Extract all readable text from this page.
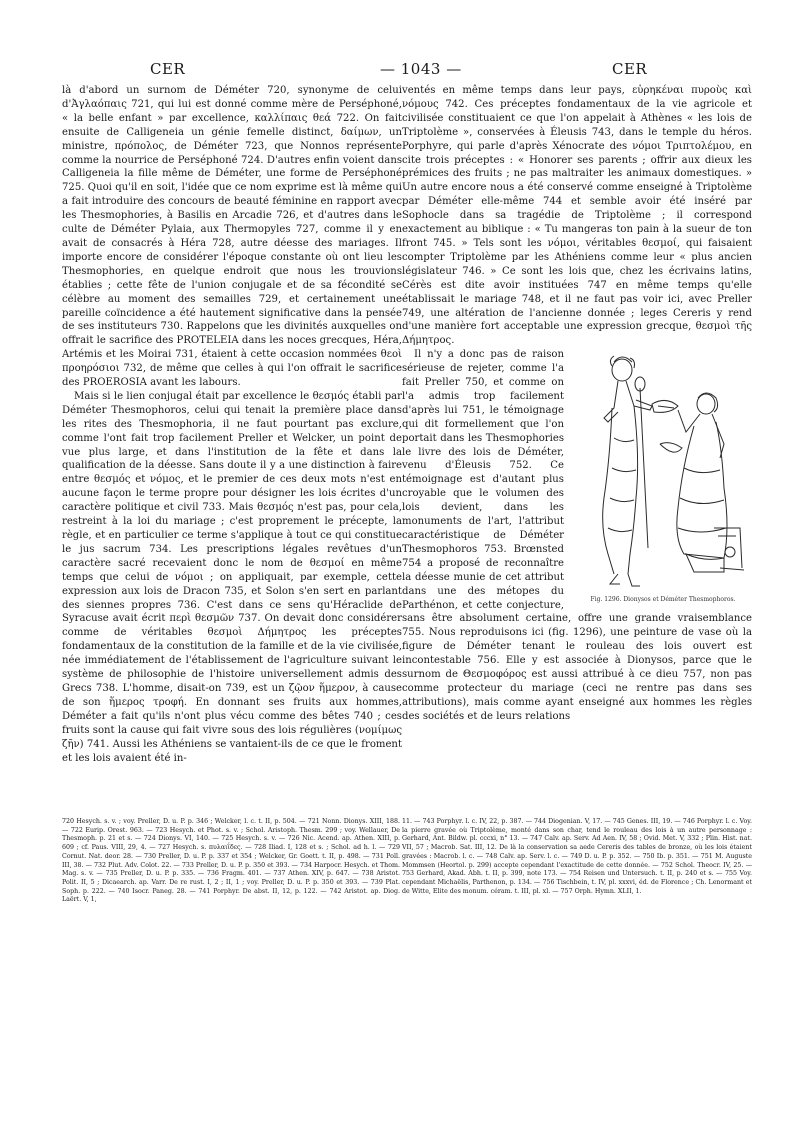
CER	— 1043 —	CER

là d'abord un surnom de Déméter 720, synonyme de celui d'Ἀγλαόπαις 721, qui lui est donné comme mère de Perséphoné, « la belle enfant » par excellence, καλλίπαις θεά 722. On fait ensuite de Calligeneia un génie femelle distinct, δαίμων, un ministre, πρόπολος, de Déméter 723, que Nonnos représente comme la nourrice de Perséphoné 724. D'autres enfin voient dans Calligeneia la fille même de Déméter, une forme de Perséphoné 725. Quoi qu'il en soit, l'idée que ce nom exprime est là même qui a fait introduire des concours de beauté féminine en rapport avec les Thesmophories, à Basilis en Arcadie 726, et d'autres dans le culte de Déméter Pylaia, aux Thermopyles 727, comme il y en avait de consacrés à Héra 728, autre déesse des mariages. Il importe encore de considérer l'époque constante où ont lieu les Thesmophories, en quelque endroit que nous les trouvions établies ; cette fête de l'union conjugale et de sa fécondité se célèbre au moment des semailles 729, et certainement une pareille coïncidence a été hautement significative dans la pensée de ses instituteurs 730. Rappelons que les divinités auxquelles on offrait le sacrifice des PROTELEIA dans les noces grecques, Héra, Artémis et les Moirai 731, étaient à cette occasion nommées θεοὶ προηρόσιοι 732, de même que celles à qui l'on offrait le sacrifice des PROEROSIA avant les labours.

Mais si le lien conjugal était par excellence le θεσμός établi par Déméter Thesmophoros, celui qui tenait la première place dans les rites des Thesmophoria, il ne faut pourtant pas exclure, comme l'ont fait trop facilement Preller et Welcker, un point de vue plus large, et dans l'institution de la fête et dans la qualification de la déesse. Sans doute il y a une distinction à faire entre θεσμός et νόμος, et le premier de ces deux mots n'est en aucune façon le terme propre pour désigner les lois écrites d'un caractère politique et civil 733. Mais θεσμός n'est pas, pour cela, restreint à la loi du mariage ; c'est proprement le précepte, la règle, et en particulier ce terme s'applique à tout ce qui constitue le jus sacrum 734. Les prescriptions légales revêtues d'un caractère sacré recevaient donc le nom de θεσμοί en même temps que celui de νόμοι ; on appliquait, par exemple, cette expression aux lois de Dracon 735, et Solon s'en sert en parlant des siennes propres 736. C'est dans ce sens qu'Héraclide de Syracuse avait écrit περὶ θεσμῶν 737. On devait donc considérer comme de véritables θεσμοὶ Δήμητρος les préceptes fondamentaux de la constitution de la famille et de la vie civilisée, née immédiatement de l'établissement de l'agriculture suivant le système de philosophie de l'histoire universellement admis des Grecs 738. L'homme, disait-on 739, est un ζῷον ἥμερον, à cause de son ἥμερος τροφή. En donnant ses fruits aux hommes, Déméter a fait qu'ils n'ont plus vécu comme des bêtes 740 ; ces fruits sont la cause qui fait vivre sous des lois régulières (νομίμως ζῆν) 741. Aussi les Athéniens se vantaient-ils de ce que le froment et les lois avaient été in-

ventés en même temps dans leur pays, εὑρηκέναι πυροὺς καὶ νόμους 742. Ces préceptes fondamentaux de la vie agricole et civilisée constituaient ce que l'on appelait à Athènes « les lois de Triptolème », conservées à Éleusis 743, dans le temple du héros. Porphyre, qui parle d'après Xénocrate des νόμοι Τριπτολέμου, en cite trois préceptes : « Honorer ses parents ; offrir aux dieux les prémices des fruits ; ne pas maltraiter les animaux domestiques. » Un autre encore nous a été conservé comme enseigné à Triptolème par Déméter elle-même 744 et semble avoir été inséré par Sophocle dans sa tragédie de Triptolème ; il correspond exactement au biblique : « Tu mangeras ton pain à la sueur de ton front 745. » Tels sont les νόμοι, véritables θεσμοί, qui faisaient compter Triptolème par les Athéniens comme leur « plus ancien législateur 746. » Ce sont les lois que, chez les écrivains latins, Cérès est dite avoir instituées 747 en même temps qu'elle établissait le mariage 748, et il ne faut pas voir ici, avec Preller 749, une altération de l'ancienne donnée ; leges Cereris y rend d'une manière fort acceptable une expression grecque, θεσμοὶ τῆς Δήμητρος.

Fig. 1296. Dionysos et Déméter Thesmophoros.

Il n'y a donc pas de raison sérieuse de rejeter, comme l'a fait Preller 750, et comme on l'a admis trop facilement d'après lui 751, le témoignage qui dit formellement que l'on portait dans les Thesmophories le livre des lois de Déméter, venu d'Éleusis 752. Ce témoignage est d'autant plus croyable que le volumen des lois devient, dans les monuments de l'art, l'attribut caractéristique de Déméter Thesmophoros 753. Brœnsted 754 a proposé de reconnaître la déesse munie de cet attribut dans une des métopes du Parthénon, et cette conjecture, sans être absolument certaine, offre une grande vraisemblance 755. Nous reproduisons ici (fig. 1296), une peinture de vase où la figure de Déméter tenant le rouleau des lois ouvert est incontestable 756. Elle y est associée à Dionysos, parce que le surnom de Θεσμοφόρος est aussi attribué à ce dieu 757, non pas comme protecteur du mariage (ceci ne rentre pas dans ses attributions), mais comme ayant enseigné aux hommes les règles des sociétés et de leurs relations

720 Hesych. s. v. ; voy. Preller, D. u. P. p. 346 ; Welcker, l. c. t. II, p. 504. — 721 Nonn. Dionys. XIII, 188. — 722 Eurip. Orest. 963. — 723 Hesych. et Phot. s. v. ; Schol. Aristoph. Thesm. 299 ; voy. Wellauer, De Thesmoph. p. 21 et s. — 724 Dionys. VI, 140. — 725 Hesych. s. v. — 726 Nic. Acend. ap. Athen. XIII, p. 609 ; cf. Paus. VIII, 29, 4. — 727 Hesych. s. πυλαιΐδες. — 728 Iliad. I, 128 et s. ; Schol. ad h. l. — 729 Cornut. Nat. deor. 28. — 730 Preller, D. u. P. p. 337 et 354 ; Welcker, Gr. Goett. t. II, p. 498. — 731 Poll. III, 38. — 732 Plut. Adv. Colot. 22. — 733 Preller, D. u. P. p. 350 et 393. — 734 Harpocr. Hesych. et Thom. Mag. s. v. — 735 Preller, D. u. P. p. 335. — 736 Fragm. 401. — 737 Athen. XIV, p. 647. — 738 Aristot. Polit. II, 5 ; Dicaearch. ap. Varr. De re rust. I, 2 ; II, 1 ; voy. Preller, D. u. P. p. 350 et 393. — 739 Plat. Soph. p. 222. — 740 Isocr. Paneg. 28. — 741 Porphyr. De abst. II, 12, p. 122. — 742 Aristot. ap. Diog. Laërt. V, 1,

11. — 743 Porphyr. l. c. IV, 22, p. 387. — 744 Diogenian. V, 17. — 745 Genes. III, 19. — 746 Porphyr. l. c. Voy. la pierre gravée où Triptolème, monté dans son char, tend le rouleau des lois à un autre personnage : Gerhard, Ant. Bildw. pl. cccxi, n° 13. — 747 Calv. ap. Serv. Ad Aen. IV, 58 ; Ovid. Met. V, 332 ; Plin. Hist. nat. VII, 57 ; Macrob. Sat. III, 12. De là la conservation sa aede Cereris des tables de bronze, où les lois étaient gravées : Macrob. l. c. — 748 Calv. ap. Serv. l. c. — 749 D. u. P. p. 352. — 750 Ib. p. 351. — 751 M. Auguste Mommsen (Heortol. p. 299) accepte cependant l'exactitude de cette donnée. — 752 Schol. Theocr. IV, 25. — 753 Gerhard, Akad. Abh. t. II, p. 399, note 173. — 754 Reisen und Untersuch. t. II, p. 240 et s. — 755 Voy. cependant Michaëlis, Parthenon, p. 134. — 756 Tischbein, t. IV, pl. xxxvi, éd. de Florence ; Ch. Lenormant et de Witte, Elite des monum. céram. t. III, pl. xl. — 757 Orph. Hymn. XLII, 1.
